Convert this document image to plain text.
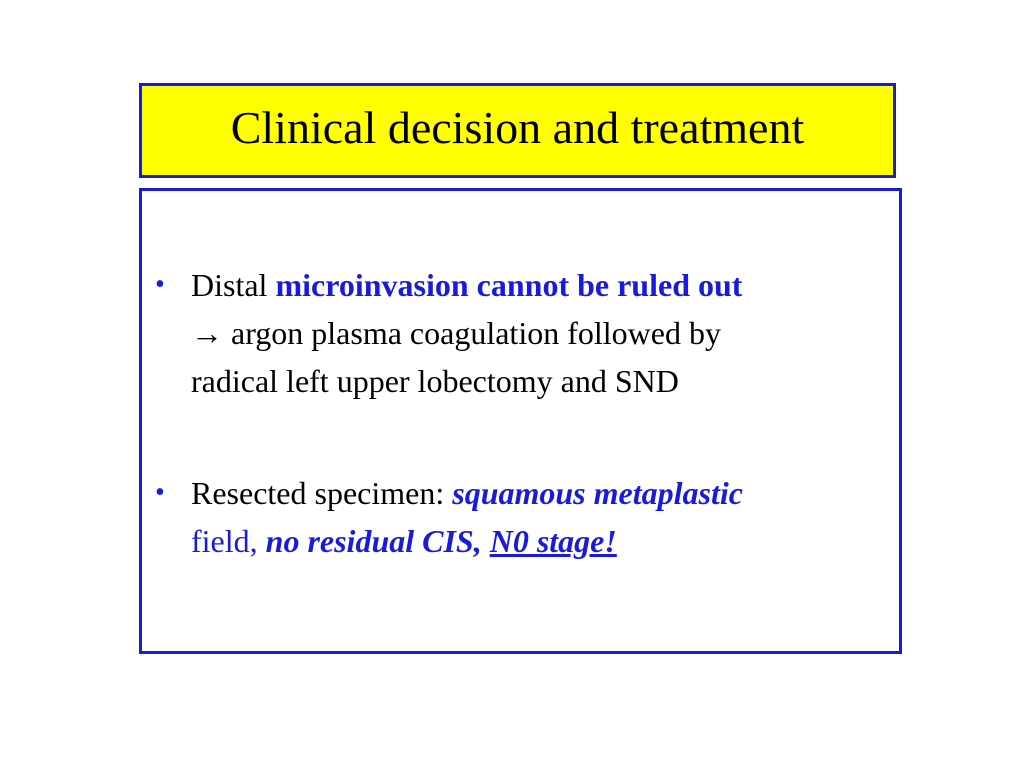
Clinical decision and treatment
• Distal microinvasion cannot be ruled out
→ argon plasma coagulation followed by
radical left upper lobectomy and SND
• Resected specimen: squamous metaplastic
field, no residual CIS, N0 stage!
